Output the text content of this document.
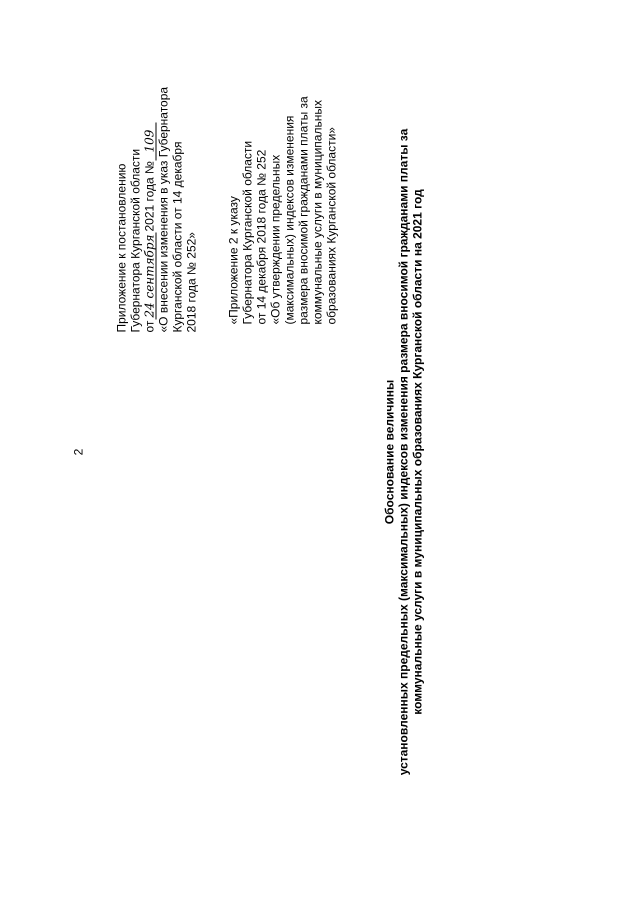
2
Приложение к постановлению Губернатора Курганской области от24 сентября2021 года №109 «О внесении изменения в указ Губернатора Курганской области от 14 декабря 2018 года № 252» «Приложение 2 к указу Губернатора Курганской области от 14 декабря 2018 года № 252 «Об утверждении предельных (максимальных) индексов изменения размера вносимой гражданами платы за коммунальные услуги в муниципальных образованиях Курганской области»
Обоснование величины установленных предельных (максимальных) индексов изменения размера вносимой гражданами платы за коммунальные услуги в муниципальных образованиях Курганской области на 2021 год
